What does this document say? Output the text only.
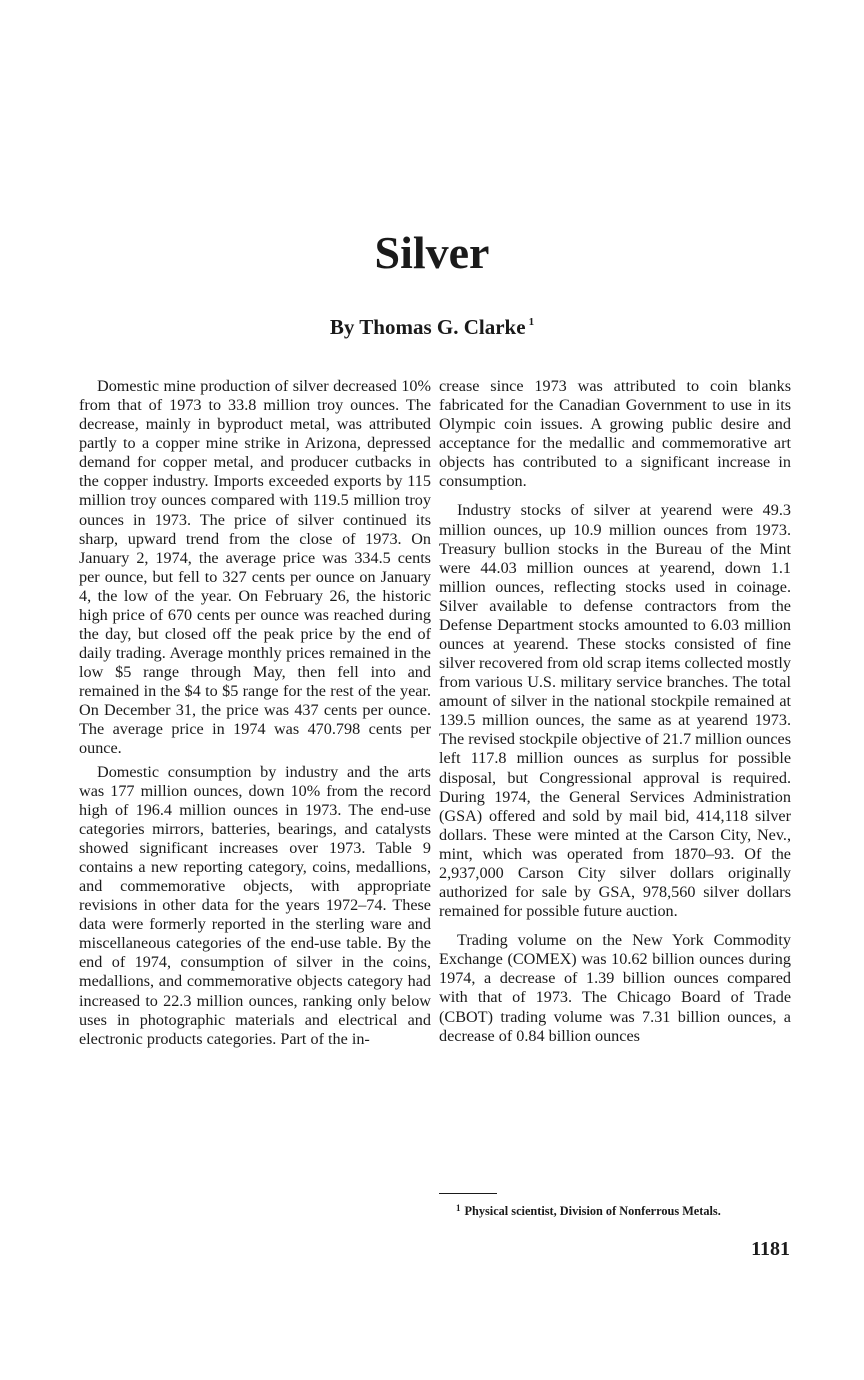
Silver
By Thomas G. Clarke $^1$

Domestic mine production of silver decreased 10% from that of 1973 to 33.8 million troy ounces. The decrease, mainly in byproduct metal, was attributed partly to a copper mine strike in Arizona, depressed demand for copper metal, and producer cutbacks in the copper industry. Imports exceeded exports by 115 million troy ounces compared with 119.5 million troy ounces in 1973. The price of silver continued its sharp, upward trend from the close of 1973. On January 2, 1974, the average price was 334.5 cents per ounce, but fell to 327 cents per ounce on January 4, the low of the year. On February 26, the historic high price of 670 cents per ounce was reached during the day, but closed off the peak price by the end of daily trading. Average monthly prices remained in the low $5 range through May, then fell into and remained in the $4 to $5 range for the rest of the year. On December 31, the price was 437 cents per ounce. The average price in 1974 was 470.798 cents per ounce.

Domestic consumption by industry and the arts was 177 million ounces, down 10% from the record high of 196.4 million ounces in 1973. The end-use categories mirrors, batteries, bearings, and catalysts showed significant increases over 1973. Table 9 contains a new reporting category, coins, medallions, and commemorative objects, with appropriate revisions in other data for the years 1972–74. These data were formerly reported in the sterling ware and miscellaneous categories of the end-use table. By the end of 1974, consumption of silver in the coins, medallions, and commemorative objects category had increased to 22.3 million ounces, ranking only below uses in photographic materials and electrical and electronic products categories. Part of the in-

crease since 1973 was attributed to coin blanks fabricated for the Canadian Government to use in its Olympic coin issues. A growing public desire and acceptance for the medallic and commemorative art objects has contributed to a significant increase in consumption.

Industry stocks of silver at yearend were 49.3 million ounces, up 10.9 million ounces from 1973. Treasury bullion stocks in the Bureau of the Mint were 44.03 million ounces at yearend, down 1.1 million ounces, reflecting stocks used in coinage. Silver available to defense contractors from the Defense Department stocks amounted to 6.03 million ounces at yearend. These stocks consisted of fine silver recovered from old scrap items collected mostly from various U.S. military service branches. The total amount of silver in the national stockpile remained at 139.5 million ounces, the same as at yearend 1973. The revised stockpile objective of 21.7 million ounces left 117.8 million ounces as surplus for possible disposal, but Congressional approval is required. During 1974, the General Services Administration (GSA) offered and sold by mail bid, 414,118 silver dollars. These were minted at the Carson City, Nev., mint, which was operated from 1870–93. Of the 2,937,000 Carson City silver dollars originally authorized for sale by GSA, 978,560 silver dollars remained for possible future auction.

Trading volume on the New York Commodity Exchange (COMEX) was 10.62 billion ounces during 1974, a decrease of 1.39 billion ounces compared with that of 1973. The Chicago Board of Trade (CBOT) trading volume was 7.31 billion ounces, a decrease of 0.84 billion ounces

$^1$ Physical scientist, Division of Nonferrous Metals.
1181
